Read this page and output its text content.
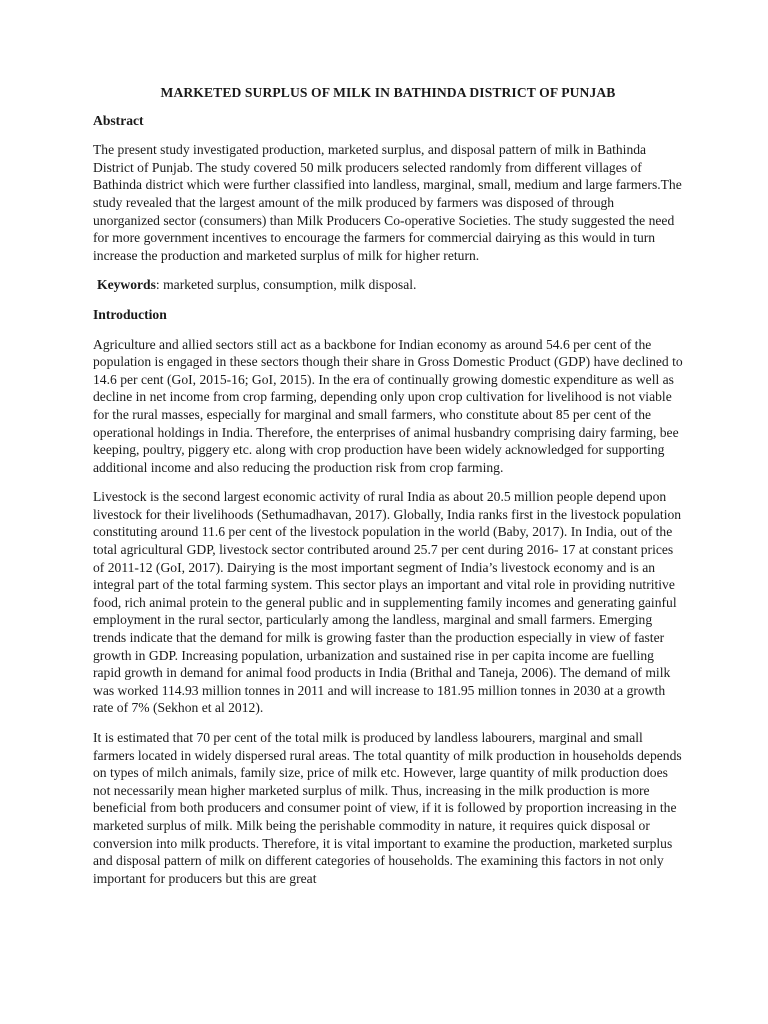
MARKETED SURPLUS OF MILK IN BATHINDA DISTRICT OF PUNJAB
Abstract
The present study investigated production, marketed surplus, and disposal pattern of milk in Bathinda District of Punjab. The study covered 50 milk producers selected randomly from different villages of Bathinda district which were further classified into landless, marginal, small, medium and large farmers.The study revealed that the largest amount of the milk produced by farmers was disposed of through unorganized sector (consumers) than Milk Producers Co-operative Societies. The study suggested the need for more government incentives to encourage the farmers for commercial dairying as this would in turn increase the production and marketed surplus of milk for higher return.
Keywords: marketed surplus, consumption, milk disposal.
Introduction
Agriculture and allied sectors still act as a backbone for Indian economy as around 54.6 per cent of the population is engaged in these sectors though their share in Gross Domestic Product (GDP) have declined to 14.6 per cent (GoI, 2015-16; GoI, 2015). In the era of continually growing domestic expenditure as well as decline in net income from crop farming, depending only upon crop cultivation for livelihood is not viable for the rural masses, especially for marginal and small farmers, who constitute about 85 per cent of the operational holdings in India. Therefore, the enterprises of animal husbandry comprising dairy farming, bee keeping, poultry, piggery etc. along with crop production have been widely acknowledged for supporting additional income and also reducing the production risk from crop farming.
Livestock is the second largest economic activity of rural India as about 20.5 million people depend upon livestock for their livelihoods (Sethumadhavan, 2017). Globally, India ranks first in the livestock population constituting around 11.6 per cent of the livestock population in the world (Baby, 2017). In India, out of the total agricultural GDP, livestock sector contributed around 25.7 per cent during 2016- 17 at constant prices of 2011-12 (GoI, 2017). Dairying is the most important segment of India’s livestock economy and is an integral part of the total farming system. This sector plays an important and vital role in providing nutritive food, rich animal protein to the general public and in supplementing family incomes and generating gainful employment in the rural sector, particularly among the landless, marginal and small farmers. Emerging trends indicate that the demand for milk is growing faster than the production especially in view of faster growth in GDP. Increasing population, urbanization and sustained rise in per capita income are fuelling rapid growth in demand for animal food products in India (Brithal and Taneja, 2006). The demand of milk was worked 114.93 million tonnes in 2011 and will increase to 181.95 million tonnes in 2030 at a growth rate of 7% (Sekhon et al 2012).
It is estimated that 70 per cent of the total milk is produced by landless labourers, marginal and small farmers located in widely dispersed rural areas. The total quantity of milk production in households depends on types of milch animals, family size, price of milk etc. However, large quantity of milk production does not necessarily mean higher marketed surplus of milk. Thus, increasing in the milk production is more beneficial from both producers and consumer point of view, if it is followed by proportion increasing in the marketed surplus of milk. Milk being the perishable commodity in nature, it requires quick disposal or conversion into milk products. Therefore, it is vital important to examine the production, marketed surplus and disposal pattern of milk on different categories of households. The examining this factors in not only important for producers but this are great
